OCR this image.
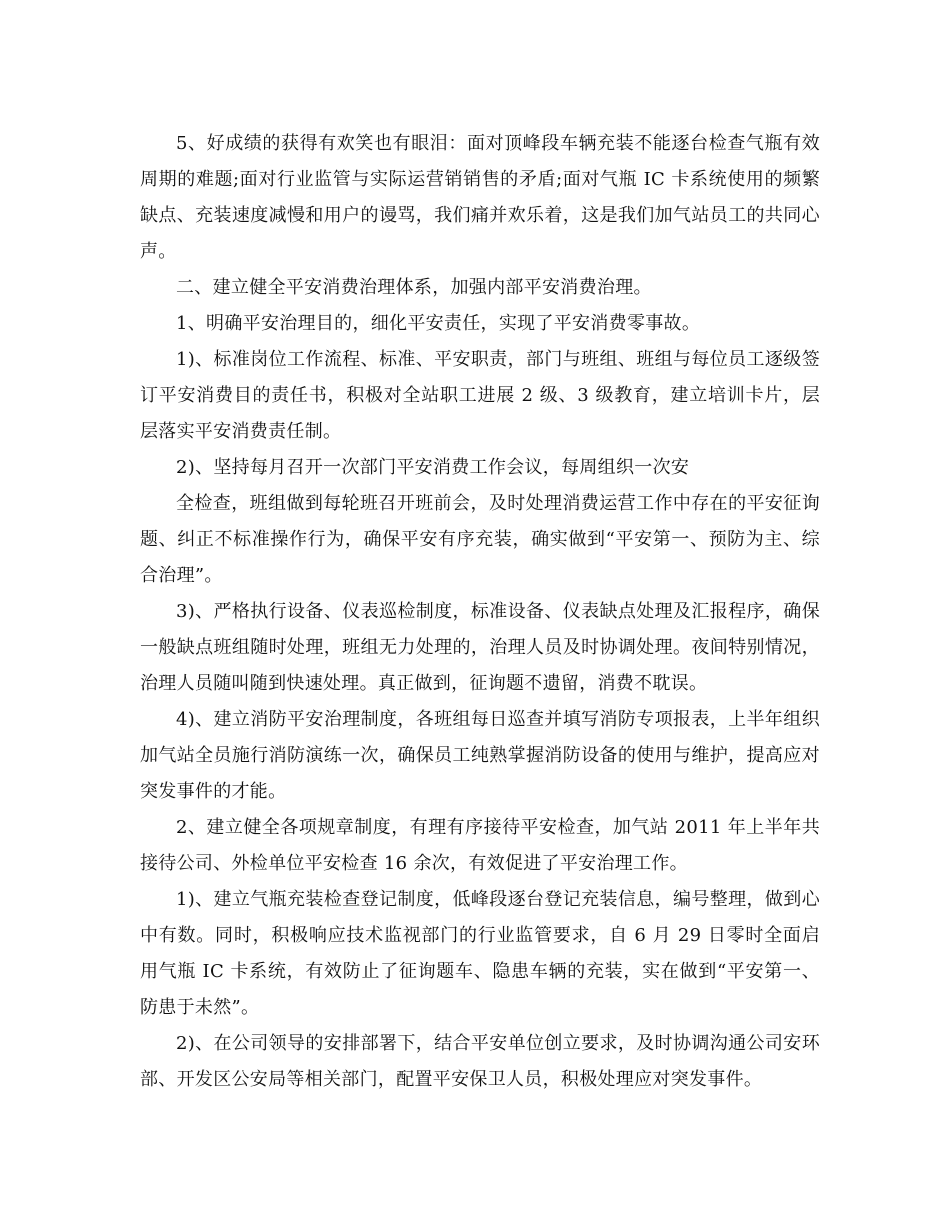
5、好成绩的获得有欢笑也有眼泪：面对顶峰段车辆充装不能逐台检查气瓶有效周期的难题;面对行业监管与实际运营销销售的矛盾;面对气瓶 IC 卡系统使用的频繁缺点、充装速度减慢和用户的谩骂，我们痛并欢乐着，这是我们加气站员工的共同心声。

二、建立健全平安消费治理体系，加强内部平安消费治理。

1、明确平安治理目的，细化平安责任，实现了平安消费零事故。

1)、标准岗位工作流程、标准、平安职责，部门与班组、班组与每位员工逐级签订平安消费目的责任书，积极对全站职工进展 2 级、3 级教育，建立培训卡片，层层落实平安消费责任制。

2)、坚持每月召开一次部门平安消费工作会议，每周组织一次安

全检查，班组做到每轮班召开班前会，及时处理消费运营工作中存在的平安征询题、纠正不标准操作行为，确保平安有序充装，确实做到“平安第一、预防为主、综合治理”。

3)、严格执行设备、仪表巡检制度，标准设备、仪表缺点处理及汇报程序，确保一般缺点班组随时处理，班组无力处理的，治理人员及时协调处理。夜间特别情况，治理人员随叫随到快速处理。真正做到，征询题不遗留，消费不耽误。

4)、建立消防平安治理制度，各班组每日巡查并填写消防专项报表，上半年组织加气站全员施行消防演练一次，确保员工纯熟掌握消防设备的使用与维护，提高应对突发事件的才能。

2、建立健全各项规章制度，有理有序接待平安检查，加气站 2011 年上半年共接待公司、外检单位平安检查 16 余次，有效促进了平安治理工作。

1)、建立气瓶充装检查登记制度，低峰段逐台登记充装信息，编号整理，做到心中有数。同时，积极响应技术监视部门的行业监管要求，自 6 月 29 日零时全面启用气瓶 IC 卡系统，有效防止了征询题车、隐患车辆的充装，实在做到“平安第一、防患于未然”。

2)、在公司领导的安排部署下，结合平安单位创立要求，及时协调沟通公司安环部、开发区公安局等相关部门，配置平安保卫人员，积极处理应对突发事件。
